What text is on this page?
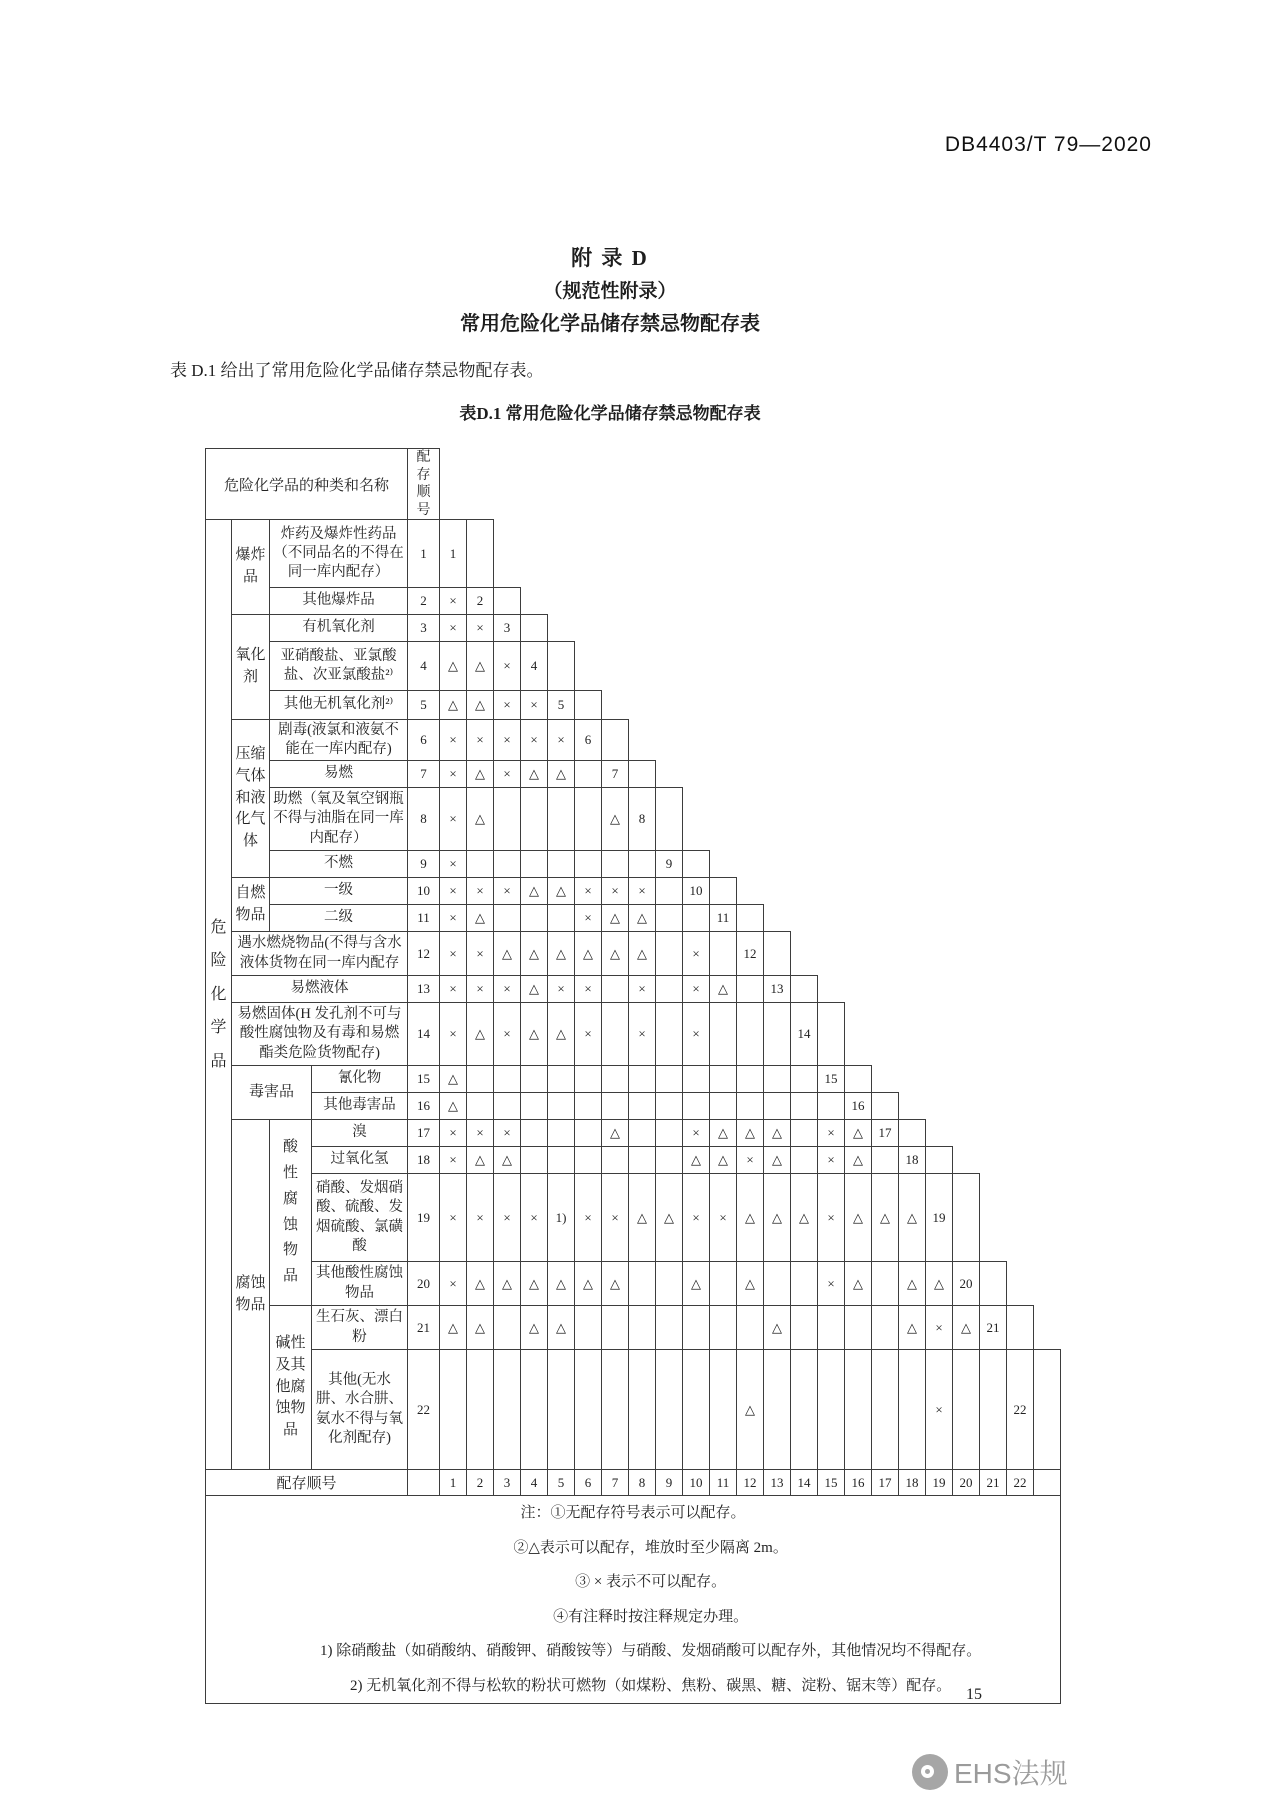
DB4403/T 79—2020
附 录 D
（规范性附录）
常用危险化学品储存禁忌物配存表
表 D.1 给出了常用危险化学品储存禁忌物配存表。
表D.1 常用危险化学品储存禁忌物配存表
危险化学品的种类和名称				配存顺号																							

危
险
化
学
品	爆炸品	炸药及爆炸性药品（不同品名的不得在同一库内配存）		1	1																						
		其他爆炸品		2	×	2																					
	氧化剂	有机氧化剂		3	×	×	3																				
		亚硝酸盐、亚氯酸盐、次亚氯酸盐²⁾		4	△	△	×	4																			
		其他无机氧化剂²⁾		5	△	△	×	×	5																		
	压缩气体和液化气体	剧毒(液氯和液氨不能在一库内配存)		6	×	×	×	×	×	6																	
		易燃		7	×	△	×	△	△		7																
		助燃（氧及氧空钢瓶不得与油脂在同一库内配存）		8	×	△					△	8															
		不燃		9	×								9														
	自燃物品	一级		10	×	×	×	△	△	×	×	×		10													
		二级		11	×	△				×	△	△			11												
	遇水燃烧物品(不得与含水液体货物在同一库内配存			12	×	×	△	△	△	△	△	△		×		12											
	易燃液体			13	×	×	×	△	×	×		×		×	△		13										
	易燃固体(H 发孔剂不可与酸性腐蚀物及有毒和易燃酯类危险货物配存)			14	×	△	×	△	△	×		×		×				14									
	毒害品		氰化物	15	△														15								
			其他毒害品	16	△															16							
腐蚀物品	
酸
性
腐
蚀
物
品
	溴	17	×	×	×				△			×	△	△	△		×	△	17	
			过氧化氢	18	×	△	△							△	△	×	△		×	△		18					
			硝酸、发烟硝酸、硫酸、发烟硫酸、氯磺酸	19	×	×	×	×	1)	×	×	△	△	×	×	△	△	△	×	△	△	△	19				
			其他酸性腐蚀物品	20	×	△	△	△	△	△	△			△		△			×	△		△	△	20			
		碱性及其他腐蚀物品	生石灰、漂白粉	21	△	△		△	△								△					△	×	△	21		
			其他(无水肼、水合肼、氨水不得与氧化剂配存)	22												△							×			22	
配存顺号					1	2	3	4	5	6	7	8	9	10	11	12	13	14	15	16	17	18	19	20	21	22	

注：①无配存符号表示可以配存。
②△表示可以配存，堆放时至少隔离 2m。
③ × 表示不可以配存。
④有注释时按注释规定办理。
1) 除硝酸盐（如硝酸纳、硝酸钾、硝酸铵等）与硝酸、发烟硝酸可以配存外，其他情况均不得配存。
2) 无机氧化剂不得与松软的粉状可燃物（如煤粉、焦粉、碳黑、糖、淀粉、锯末等）配存。
15
EHS法规
